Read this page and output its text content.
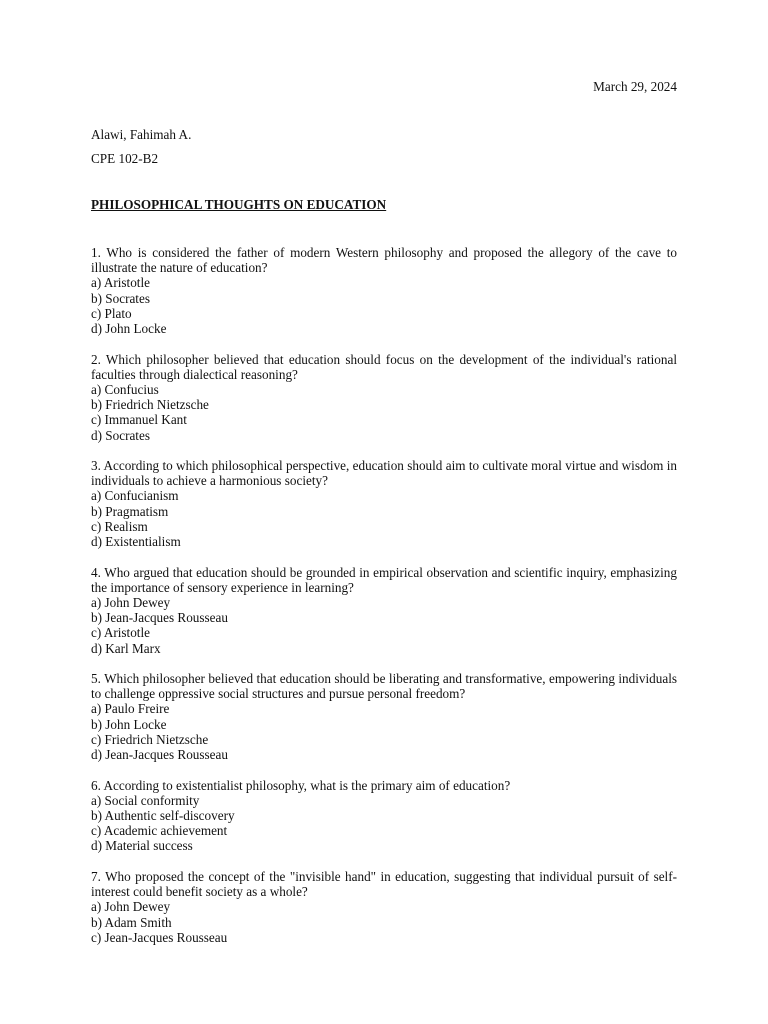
March 29, 2024
Alawi, Fahimah A.
CPE 102-B2
PHILOSOPHICAL THOUGHTS ON EDUCATION
1. Who is considered the father of modern Western philosophy and proposed the allegory of the cave to illustrate the nature of education?
a) Aristotle
b) Socrates
c) Plato
d) John Locke
2. Which philosopher believed that education should focus on the development of the individual's rational faculties through dialectical reasoning?
a) Confucius
b) Friedrich Nietzsche
c) Immanuel Kant
d) Socrates
3. According to which philosophical perspective, education should aim to cultivate moral virtue and wisdom in individuals to achieve a harmonious society?
a) Confucianism
b) Pragmatism
c) Realism
d) Existentialism
4. Who argued that education should be grounded in empirical observation and scientific inquiry, emphasizing the importance of sensory experience in learning?
a) John Dewey
b) Jean-Jacques Rousseau
c) Aristotle
d) Karl Marx
5. Which philosopher believed that education should be liberating and transformative, empowering individuals to challenge oppressive social structures and pursue personal freedom?
a) Paulo Freire
b) John Locke
c) Friedrich Nietzsche
d) Jean-Jacques Rousseau
6. According to existentialist philosophy, what is the primary aim of education?
a) Social conformity
b) Authentic self-discovery
c) Academic achievement
d) Material success
7. Who proposed the concept of the "invisible hand" in education, suggesting that individual pursuit of self-interest could benefit society as a whole?
a) John Dewey
b) Adam Smith
c) Jean-Jacques Rousseau
